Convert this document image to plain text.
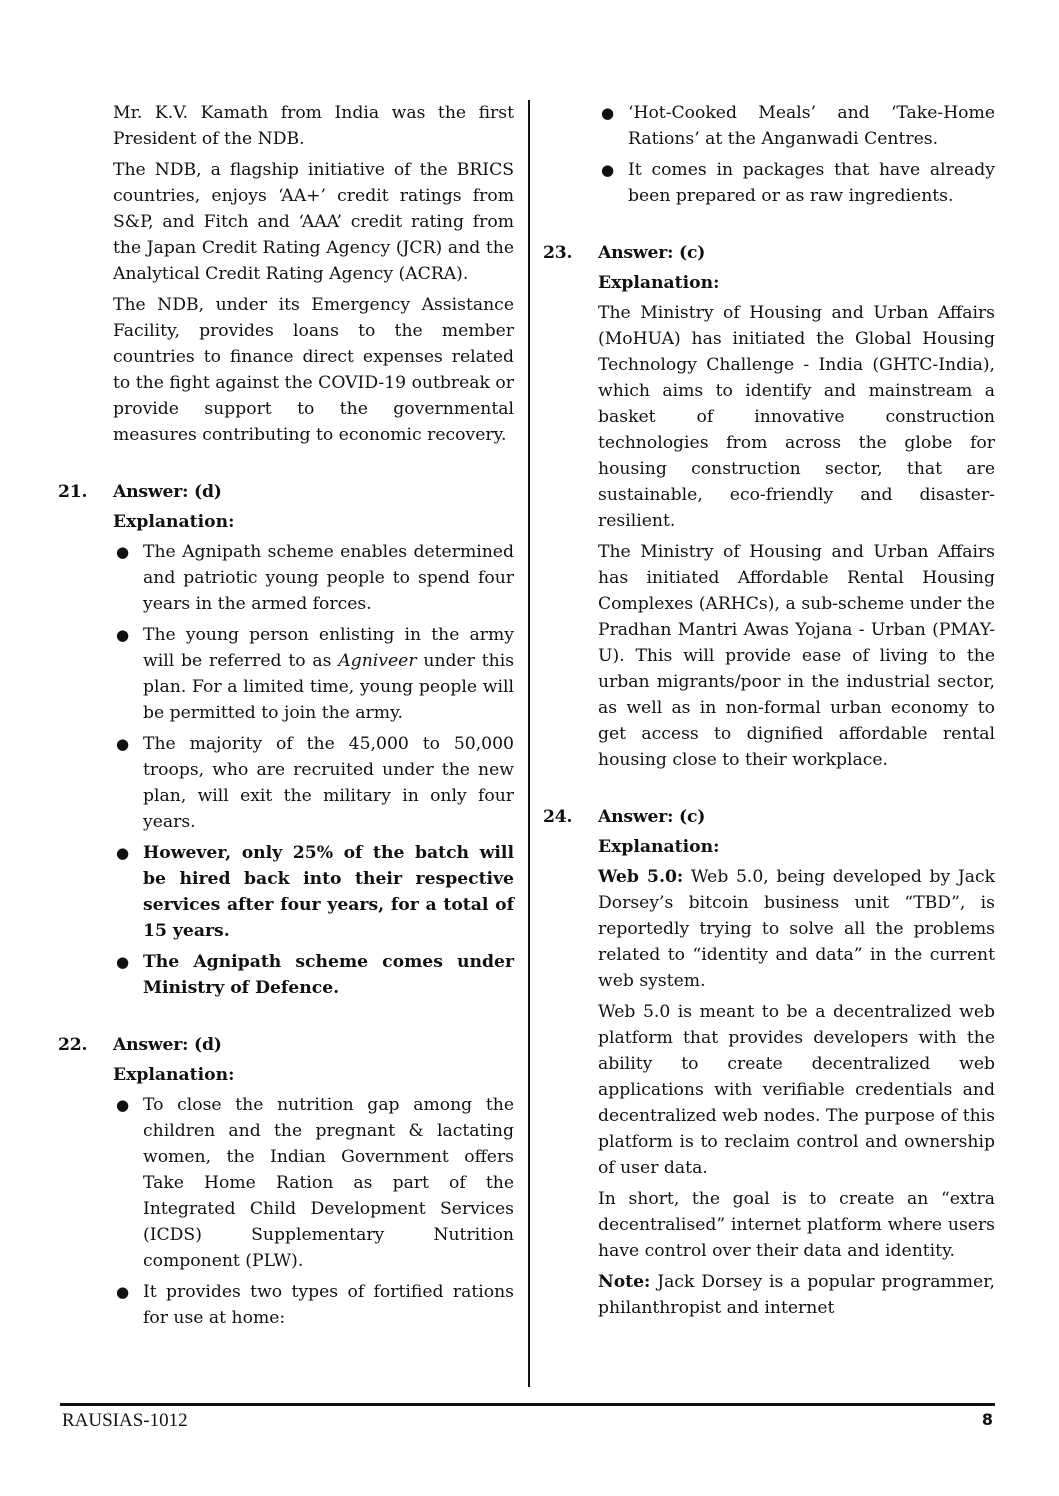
Mr. K.V. Kamath from India was the first President of the NDB.

The NDB, a flagship initiative of the BRICS countries, enjoys ‘AA+’ credit ratings from S&P, and Fitch and ‘AAA’ credit rating from the Japan Credit Rating Agency (JCR) and the Analytical Credit Rating Agency (ACRA).

The NDB, under its Emergency Assistance Facility, provides loans to the member countries to finance direct expenses related to the fight against the COVID-19 outbreak or provide support to the governmental measures contributing to economic recovery.

21.	Answer: (d)
Explanation:
● The Agnipath scheme enables determined and patriotic young people to spend four years in the armed forces.
● The young person enlisting in the army will be referred to as Agniveer under this plan. For a limited time, young people will be permitted to join the army.
● The majority of the 45,000 to 50,000 troops, who are recruited under the new plan, will exit the military in only four years.
● However, only 25% of the batch will be hired back into their respective services after four years, for a total of 15 years.
● The Agnipath scheme comes under Ministry of Defence.
22.	Answer: (d)
Explanation:
● To close the nutrition gap among the children and the pregnant & lactating women, the Indian Government offers Take Home Ration as part of the Integrated Child Development Services (ICDS) Supplementary Nutrition component (PLW).
● It provides two types of fortified rations for use at home:
● ‘Hot-Cooked Meals’ and ‘Take-Home Rations’ at the Anganwadi Centres.
● It comes in packages that have already been prepared or as raw ingredients.
23.	Answer: (c)
Explanation:

The Ministry of Housing and Urban Affairs (MoHUA) has initiated the Global Housing Technology Challenge - India (GHTC-India), which aims to identify and mainstream a basket of innovative construction technologies from across the globe for housing construction sector, that are sustainable, eco-friendly and disaster-resilient.

The Ministry of Housing and Urban Affairs has initiated Affordable Rental Housing Complexes (ARHCs), a sub-scheme under the Pradhan Mantri Awas Yojana - Urban (PMAY-U). This will provide ease of living to the urban migrants/poor in the industrial sector, as well as in non-formal urban economy to get access to dignified affordable rental housing close to their workplace.

24.	Answer: (c)
Explanation:

Web 5.0: Web 5.0, being developed by Jack Dorsey’s bitcoin business unit “TBD”, is reportedly trying to solve all the problems related to “identity and data” in the current web system.

Web 5.0 is meant to be a decentralized web platform that provides developers with the ability to create decentralized web applications with verifiable credentials and decentralized web nodes. The purpose of this platform is to reclaim control and ownership of user data.

In short, the goal is to create an “extra decentralised” internet platform where users have control over their data and identity.

Note: Jack Dorsey is a popular programmer, philanthropist and internet

RAUSIAS-1012	8
